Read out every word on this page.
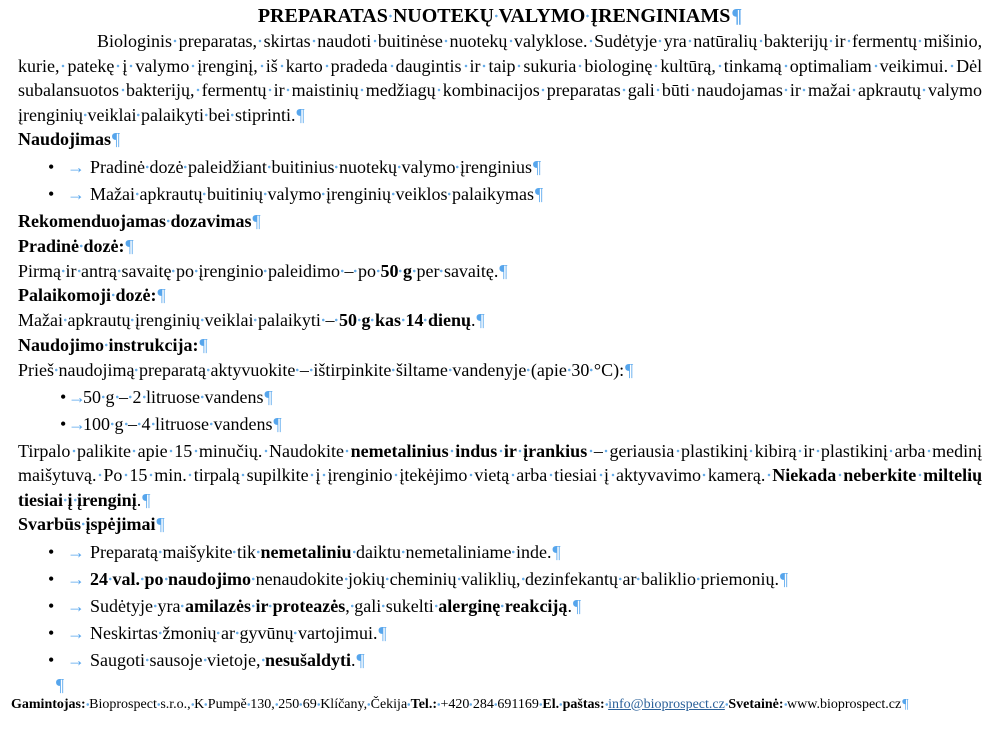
PREPARATAS NUOTEKŲ VALYMO ĮRENGINIAMS¶
Biologinis preparatas, skirtas naudoti buitinėse nuotekų valyklose. Sudėtyje yra natūralių bakterijų ir fermentų mišinio, kurie, patekę į valymo įrenginį, iš karto pradeda daugintis ir taip sukuria biologinę kultūrą, tinkamą optimaliam veikimui. Dėl subalansuotos bakterijų, fermentų ir maistinių medžiagų kombinacijos preparatas gali būti naudojamas ir mažai apkrautų valymo įrenginių veiklai palaikyti bei stiprinti.¶
Naudojimas¶
• → Pradinė dozė paleidžiant buitinius nuotekų valymo įrenginius¶
• → Mažai apkrautų buitinių valymo įrenginių veiklos palaikymas¶
Rekomenduojamas dozavimas¶
Pradinė dozė:¶
Pirmą ir antrą savaitę po įrenginio paleidimo – po 50 g per savaitę.¶
Palaikomoji dozė:¶
Mažai apkrautų įrenginių veiklai palaikyti – 50 g kas 14 dienų.¶
Naudojimo instrukcija:¶
Prieš naudojimą preparatą aktyvuokite – ištirpinkite šiltame vandenyje (apie 30 °C):¶
•→50 g – 2 litruose vandens¶
•→100 g – 4 litruose vandens¶
Tirpalo palikite apie 15 minučių. Naudokite nemetalinius indus ir įrankius – geriausia plastikinį kibirą ir plastikinį arba medinį maišytuvą. Po 15 min. tirpalą supilkite į įrenginio įtekėjimo vietą arba tiesiai į aktyvavimo kamerą. Niekada neberkite miltelių tiesiai į įrenginį.¶
Svarbūs įspėjimai¶
• → Preparatą maišykite tik nemetaliniu daiktu nemetaliniame inde.¶
• → 24 val. po naudojimo nenaudokite jokių cheminių valiklių, dezinfekantų ar baliklio priemonių.¶
• → Sudėtyje yra amilazės ir proteazės, gali sukelti alerginę reakciją.¶
• → Neskirtas žmonių ar gyvūnų vartojimui.¶
• → Saugoti sausoje vietoje, nesušaldyti.¶
¶
Gamintojas: Bioprospect s.r.o., K Pumpě 130, 250 69 Klíčany, Čekija Tel.: +420 284 691169 El. paštas: info@bioprospect.cz Svetainė: www.bioprospect.cz¶
